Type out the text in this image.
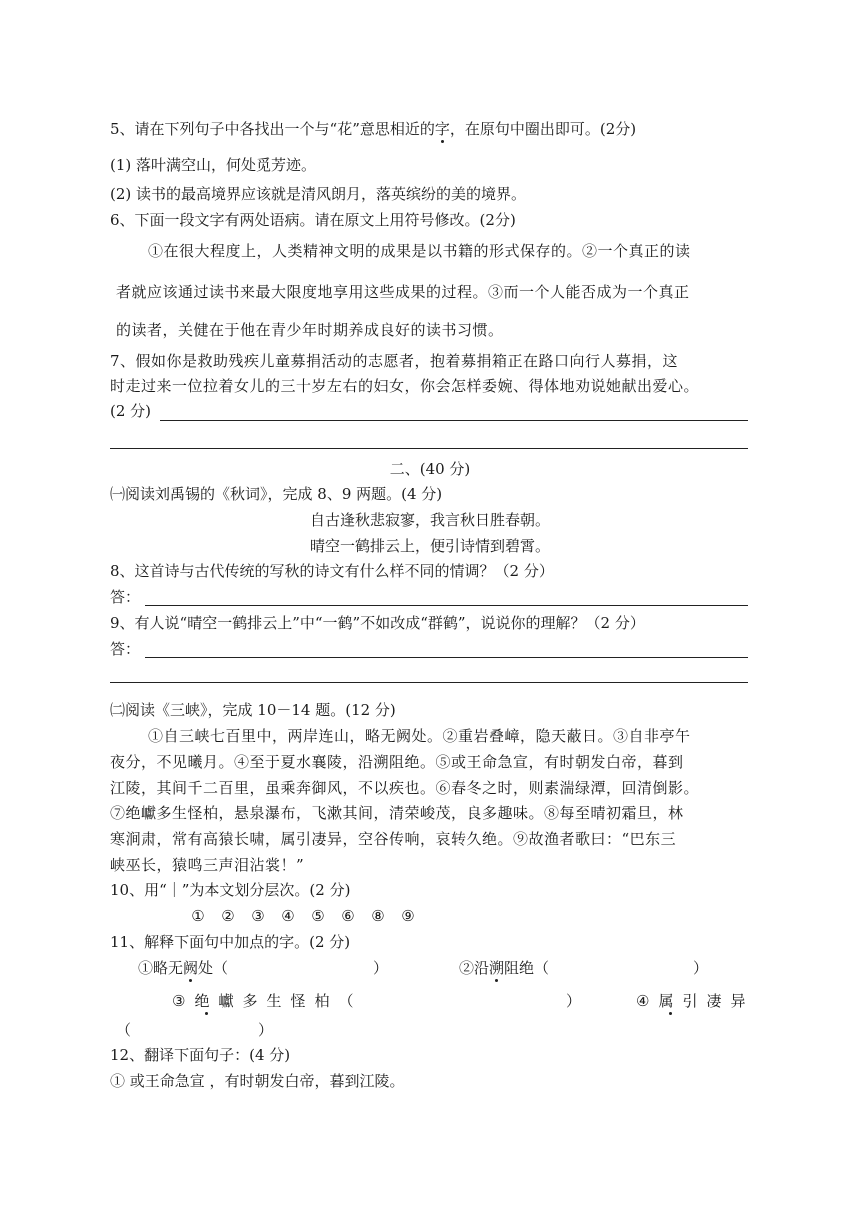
5、请在下列句子中各找出一个与“花”意思相近的字，在原句中圈出即可。(2分)
(1) 落叶满空山，何处觅芳迹。
(2) 读书的最高境界应该就是清风朗月，落英缤纷的美的境界。
6、下面一段文字有两处语病。请在原文上用符号修改。(2分)
①在很大程度上，人类精神文明的成果是以书籍的形式保存的。②一个真正的读
者就应该通过读书来最大限度地享用这些成果的过程。③而一个人能否成为一个真正
的读者，关健在于他在青少年时期养成良好的读书习惯。
7、假如你是救助残疾儿童募捐活动的志愿者，抱着募捐箱正在路口向行人募捐，这
时走过来一位拉着女儿的三十岁左右的妇女，你会怎样委婉、得体地劝说她献出爱心。
(2 分)
二、(40 分)
㈠阅读刘禹锡的《秋词》，完成 8、9 两题。(4 分)
自古逢秋悲寂寥，我言秋日胜春朝。
晴空一鹤排云上，便引诗情到碧霄。
8、这首诗与古代传统的写秋的诗文有什么样不同的情调？（2 分）
答：
9、有人说“晴空一鹤排云上”中“一鹤”不如改成“群鹤”，说说你的理解？（2 分）
答：
㈡阅读《三峡》，完成 10－14 题。(12 分)
①自三峡七百里中，两岸连山，略无阙处。②重岩叠嶂，隐天蔽日。③自非亭午
夜分，不见曦月。④至于夏水襄陵，沿溯阻绝。⑤或王命急宣，有时朝发白帝，暮到
江陵，其间千二百里，虽乘奔御风，不以疾也。⑥春冬之时，则素湍绿潭，回清倒影。
⑦绝巘多生怪柏，悬泉瀑布，飞漱其间，清荣峻茂，良多趣味。⑧每至晴初霜旦，林
寒涧肃，常有高猿长啸，属引凄异，空谷传响，哀转久绝。⑨故渔者歌曰：“巴东三
峡巫长，猿鸣三声泪沾裳！”
10、用“｜”为本文划分层次。(2 分)
① ② ③ ④ ⑤ ⑥ ⑧ ⑨
11、解释下面句中加点的字。(2 分)
①略无阙处（	）	②沿溯阻绝（	）
③绝巘多生怪柏（	）	④属引凄异
（	）
12、翻译下面句子：(4 分)
① 或王命急宣 ，有时朝发白帝，暮到江陵。
